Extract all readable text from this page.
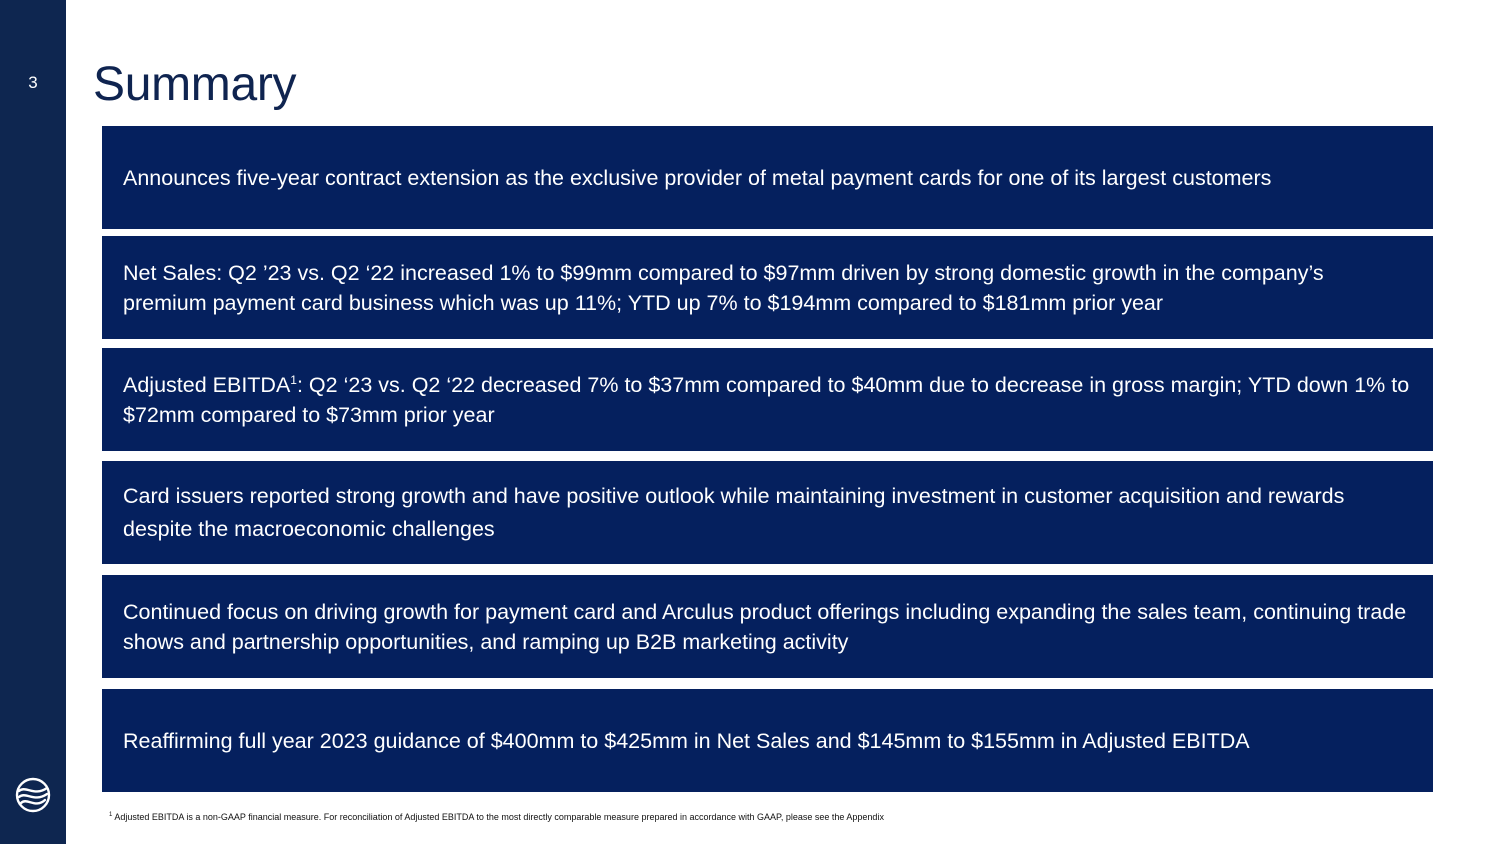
3	Summary
Announces five-year contract extension as the exclusive provider of metal payment cards for one of its largest customers
Net Sales: Q2 ’23 vs. Q2 ‘22 increased 1% to $99mm compared to $97mm driven by strong domestic growth in the company’s premium payment card business which was up 11%; YTD up 7% to $194mm compared to $181mm prior year
Adjusted EBITDA$^1$: Q2 ‘23 vs. Q2 ‘22 decreased 7% to $37mm compared to $40mm due to decrease in gross margin; YTD down 1% to $72mm compared to $73mm prior year
Card issuers reported strong growth and have positive outlook while maintaining investment in customer acquisition and rewards despite the macroeconomic challenges
Continued focus on driving growth for payment card and Arculus product offerings including expanding the sales team, continuing trade shows and partnership opportunities, and ramping up B2B marketing activity
Reaffirming full year 2023 guidance of $400mm to $425mm in Net Sales and $145mm to $155mm in Adjusted EBITDA
$^1$ Adjusted EBITDA is a non-GAAP financial measure. For reconciliation of Adjusted EBITDA to the most directly comparable measure prepared in accordance with GAAP, please see the Appendix
